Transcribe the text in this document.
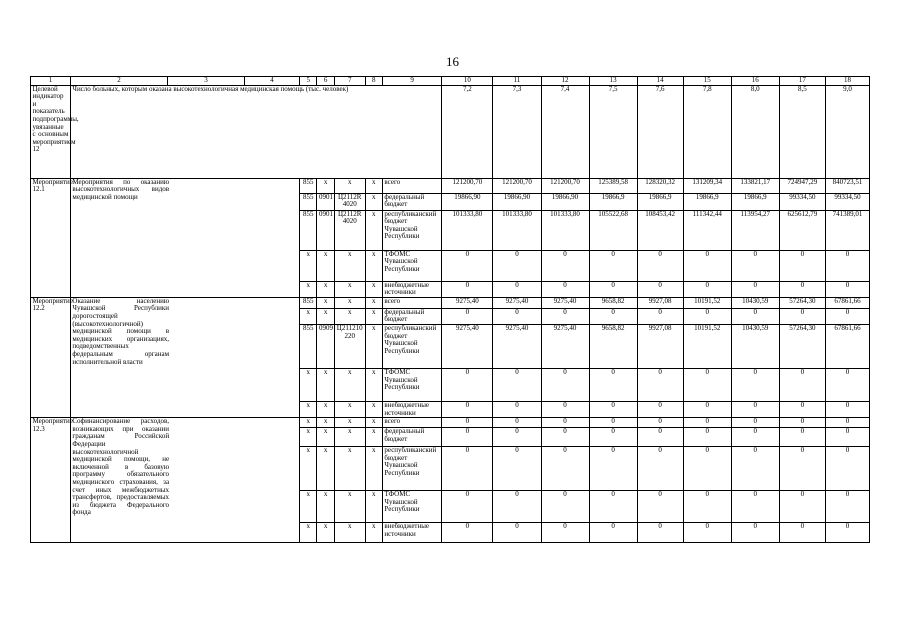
16
1	2	3	4	5	6	7	8	9	10	11	12	13	14	15	16	17	18
Целевой индикатор и показатель подпрограммы, увязанные с основным мероприятием 12	Число больных, которым оказана высокотехнологичная медицинская помощь (тыс. человек)								7,2	7,3	7,4	7,5	7,6	7,8	8,0	8,5	9,0
Мероприятие 12.1	Мероприятия по оказанию высокотехнологичных видов медицинской помощи			855	х	х	х	всего	121200,70	121200,70	121200,70	125389,58	128320,32	131209,34	133821,17	724947,29	840723,51
				855	0901	Ц2112R 4020	х	федеральный бюджет	19866,90	19866,90	19866,90	19866,9	19866,9	19866,9	19866,9	99334,50	99334,50
				855	0901	Ц2112R 4020	х	республиканский бюджет Чувашской Республики	101333,80	101333,80	101333,80	105522,68	108453,42	111342,44	113954,27	625612,79	741389,01
				х	х	х	х	ТФОМС Чувашской Республики	0	0	0	0	0	0	0	0	0
				х	х	х	х	внебюджетные источники	0	0	0	0	0	0	0	0	0
Мероприятие 12.2	Оказание населению Чувашской Республики дорогостоящей (высокотехнологичной) медицинской помощи в медицинских организациях, подведомственных федеральным органам исполнительной власти			855	х	х	х	всего	9275,40	9275,40	9275,40	9658,82	9927,08	10191,52	10430,59	57264,30	67861,66
				х	х	х	х	федеральный бюджет	0	0	0	0	0	0	0	0	0
				855	0909	Ц211210 220	х	республиканский бюджет Чувашской Республики	9275,40	9275,40	9275,40	9658,82	9927,08	10191,52	10430,59	57264,30	67861,66
				х	х	х	х	ТФОМС Чувашской Республики	0	0	0	0	0	0	0	0	0
				х	х	х	х	внебюджетные источники	0	0	0	0	0	0	0	0	0
Мероприятие 12.3	Софинансирование расходов, возникающих при оказании гражданам Российской Федерации высокотехнологичной медицинской помощи, не включенной в базовую программу обязательного медицинского страхования, за счет иных межбюджетных трансфертов, предоставляемых из бюджета Федерального фонда			х	х	х	х	всего	0	0	0	0	0	0	0	0	0
				х	х	х	х	федеральный бюджет	0	0	0	0	0	0	0	0	0
				х	х	х	х	республиканский бюджет Чувашской Республики	0	0	0	0	0	0	0	0	0
				х	х	х	х	ТФОМС Чувашской Республики	0	0	0	0	0	0	0	0	0
				х	х	х	х	внебюджетные источники	0	0	0	0	0	0	0	0	0
